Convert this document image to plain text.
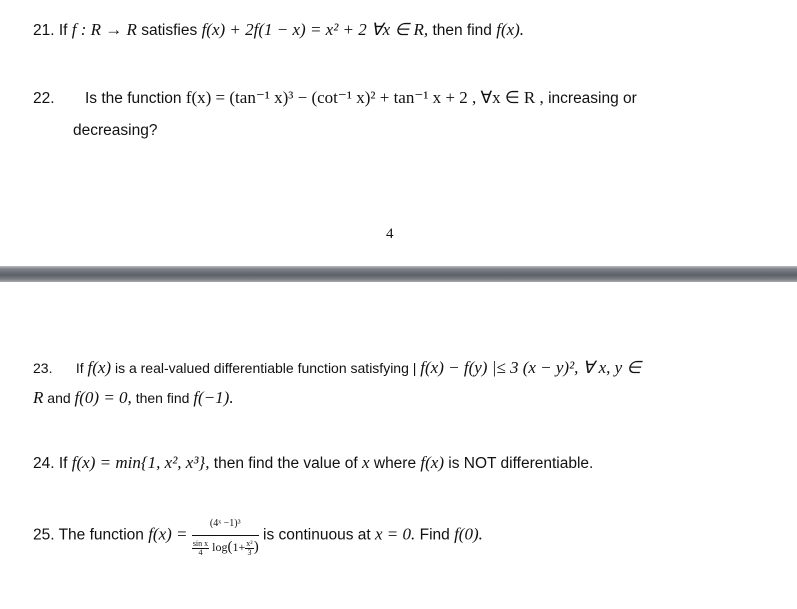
21. If f : R → R satisfies f(x) + 2f(1 − x) = x² + 2 ∀x ∈ R, then find f(x).
22. Is the function f(x) = (tan⁻¹ x)³ − (cot⁻¹ x)² + tan⁻¹ x + 2 , ∀x ∈ R , increasing or
decreasing?
4
23. If f(x) is a real-valued differentiable function satisfying | f(x) − f(y) |≤ 3 (x − y)², ∀ x, y ∈
R and f(0) = 0, then find f(−1).
24. If f(x) = min{1, x², x³}, then find the value of x where f(x) is NOT differentiable.
25. The function $f(x) = \frac{\text{(4ˣ −1)³}}{\frac{\text{sin x}}{4} \log(1+ \frac{\text{x²}}{3})}$ is continuous at x = 0. Find f(0).
